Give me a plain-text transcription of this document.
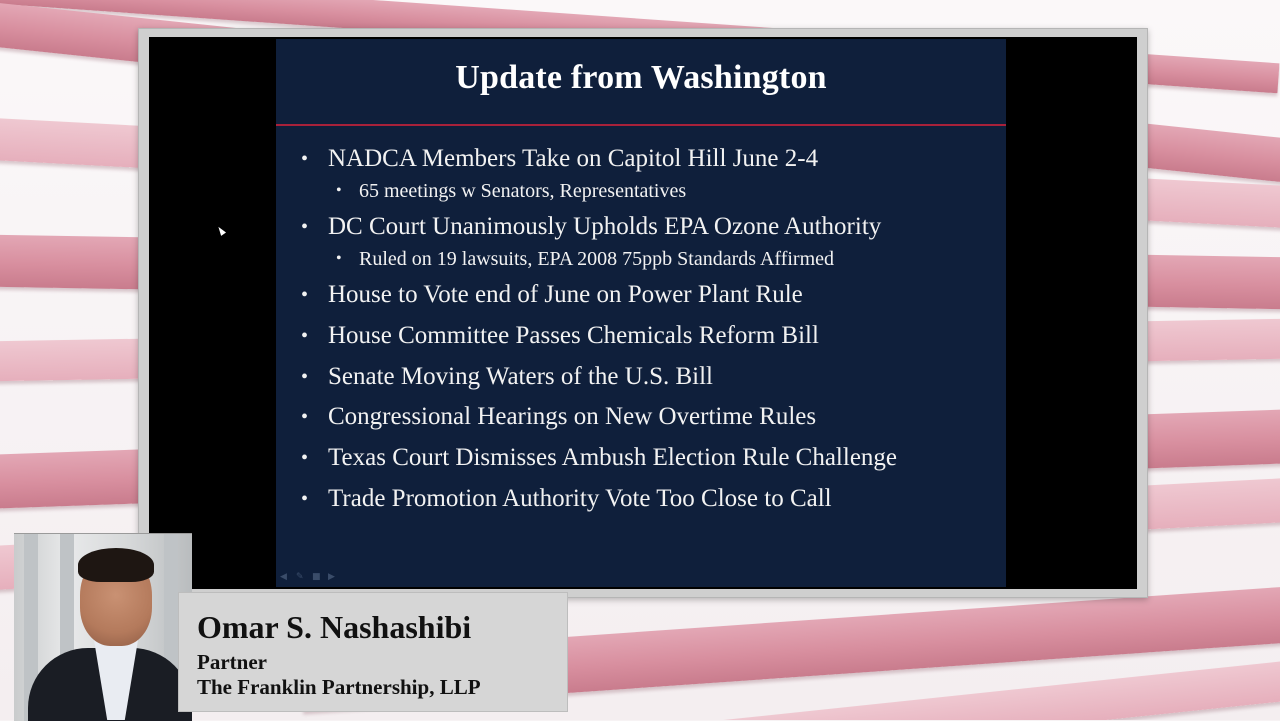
Update from Washington
• NADCA Members Take on Capitol Hill June 2-4
• 65 meetings w Senators, Representatives
• DC Court Unanimously Upholds EPA Ozone Authority
• Ruled on 19 lawsuits, EPA 2008 75ppb Standards Affirmed
• House to Vote end of June on Power Plant Rule
• House Committee Passes Chemicals Reform Bill
• Senate Moving Waters of the U.S. Bill
• Congressional Hearings on New Overtime Rules
• Texas Court Dismisses Ambush Election Rule Challenge
• Trade Promotion Authority Vote Too Close to Call
◀	✎ ■ ▶
Omar S. Nashashibi
Partner
The Franklin Partnership, LLP
